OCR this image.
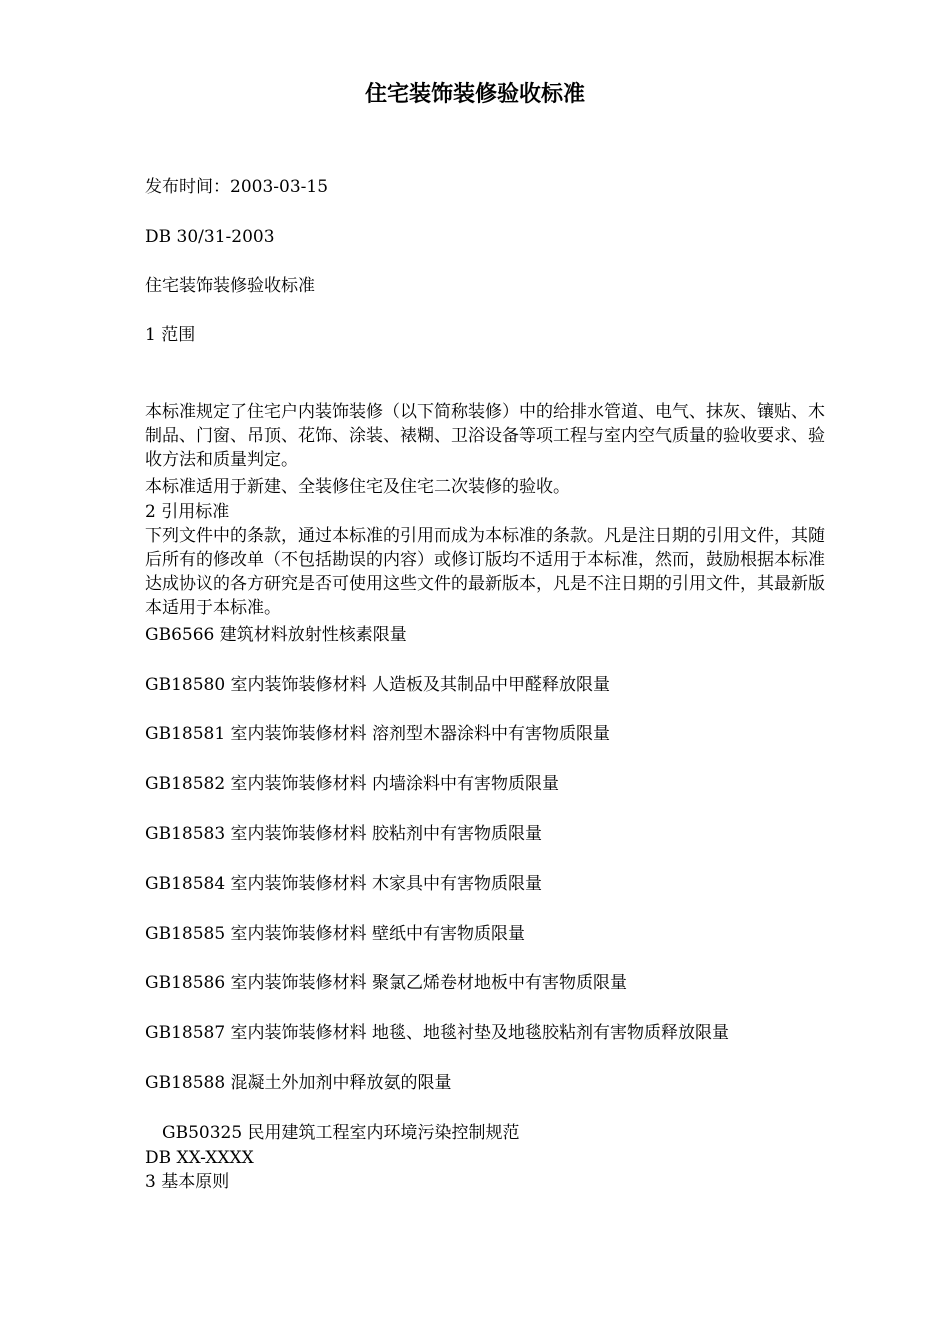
住宅装饰装修验收标准
发布时间：2003-03-15
DB 30/31-2003
住宅装饰装修验收标准
1 范围
本标准规定了住宅户内装饰装修（以下简称装修）中的给排水管道、电气、抹灰、镶贴、木制品、门窗、吊顶、花饰、涂装、裱糊、卫浴设备等项工程与室内空气质量的验收要求、验收方法和质量判定。
本标准适用于新建、全装修住宅及住宅二次装修的验收。
2 引用标准
下列文件中的条款，通过本标准的引用而成为本标准的条款。凡是注日期的引用文件，其随后所有的修改单（不包括勘误的内容）或修订版均不适用于本标准，然而，鼓励根据本标准达成协议的各方研究是否可使用这些文件的最新版本，凡是不注日期的引用文件，其最新版本适用于本标准。
GB6566 建筑材料放射性核素限量
GB18580 室内装饰装修材料 人造板及其制品中甲醛释放限量
GB18581 室内装饰装修材料 溶剂型木器涂料中有害物质限量
GB18582 室内装饰装修材料 内墙涂料中有害物质限量
GB18583 室内装饰装修材料 胶粘剂中有害物质限量
GB18584 室内装饰装修材料 木家具中有害物质限量
GB18585 室内装饰装修材料 壁纸中有害物质限量
GB18586 室内装饰装修材料 聚氯乙烯卷材地板中有害物质限量
GB18587 室内装饰装修材料 地毯、地毯衬垫及地毯胶粘剂有害物质释放限量
GB18588 混凝土外加剂中释放氨的限量
GB50325 民用建筑工程室内环境污染控制规范
DB XX-XXXX
3 基本原则
